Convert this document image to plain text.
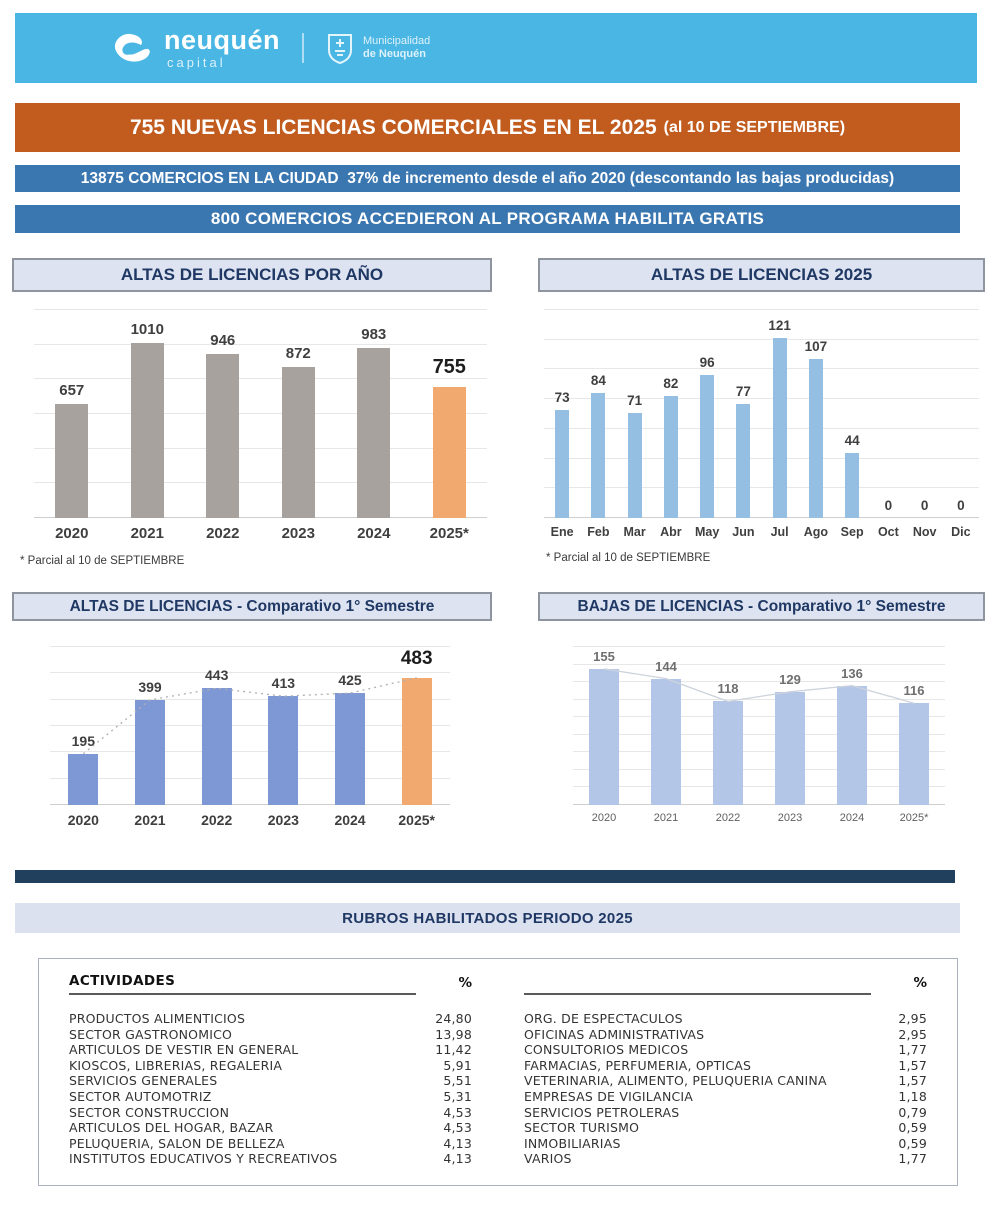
neuquén
capital
Municipalidad
de Neuquén
755 NUEVAS LICENCIAS COMERCIALES EN EL 2025 (al 10 DE SEPTIEMBRE)
13875 COMERCIOS EN LA CIUDAD  37% de incremento desde el año 2020 (descontando las bajas producidas)
800 COMERCIOS ACCEDIERON AL PROGRAMA HABILITA GRATIS
ALTAS DE LICENCIAS POR AÑO
657
1010
946
872
983
755
2020	2021	2022	2023	2024	2025*
* Parcial al 10 de SEPTIEMBRE
ALTAS DE LICENCIAS 2025
73
84
71
82
96
77
121
107
44
0 0 0
Ene	Feb	Mar	Abr	May	Jun	Jul	Ago	Sep	Oct	Nov	Dic
* Parcial al 10 de SEPTIEMBRE
ALTAS DE LICENCIAS - Comparativo 1° Semestre
195
399
443	413	425
483
2020	2021	2022	2023	2024	2025*
BAJAS DE LICENCIAS - Comparativo 1° Semestre
155
144
118
129	136
116
2020	2021	2022	2023	2024	2025*
RUBROS HABILITADOS PERIODO 2025
ACTIVIDADES	%
PRODUCTOS ALIMENTICIOS	24,80
SECTOR GASTRONOMICO	13,98
ARTICULOS DE VESTIR EN GENERAL	11,42
KIOSCOS, LIBRERIAS, REGALERIA	5,91
SERVICIOS GENERALES	5,51
SECTOR AUTOMOTRIZ	5,31
SECTOR CONSTRUCCION	4,53
ARTICULOS DEL HOGAR, BAZAR	4,53
PELUQUERIA, SALON DE BELLEZA	4,13
INSTITUTOS EDUCATIVOS Y RECREATIVOS	4,13

%
ORG. DE ESPECTACULOS	2,95
OFICINAS ADMINISTRATIVAS	2,95
CONSULTORIOS MEDICOS	1,77
FARMACIAS, PERFUMERIA, OPTICAS	1,57
VETERINARIA, ALIMENTO, PELUQUERIA CANINA	1,57
EMPRESAS DE VIGILANCIA	1,18
SERVICIOS PETROLERAS	0,79
SECTOR TURISMO	0,59
INMOBILIARIAS	0,59
VARIOS	1,77
